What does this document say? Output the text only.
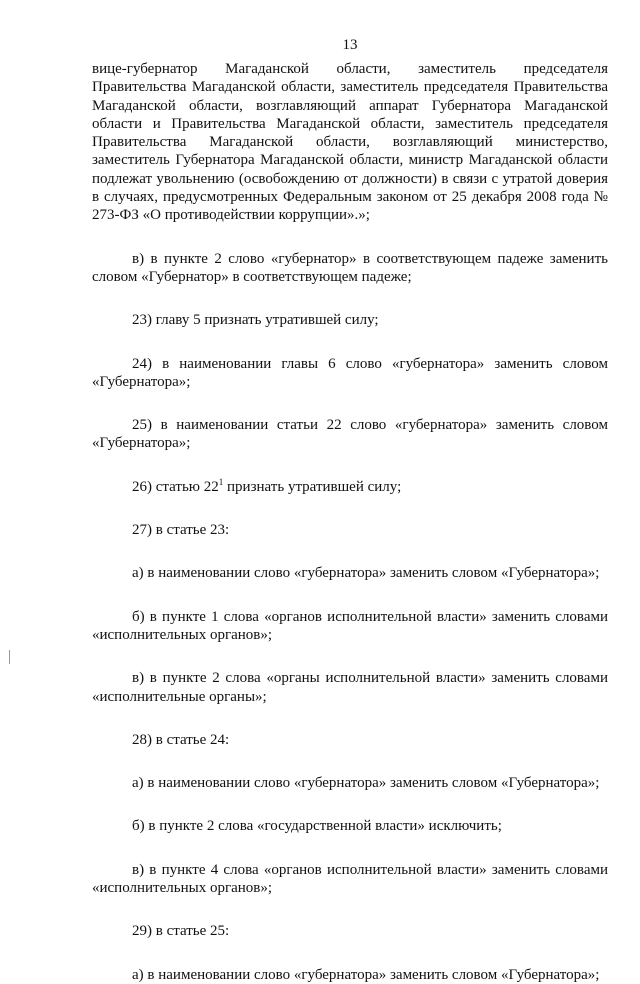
13

вице-губернатор Магаданской области, заместитель председателя Правительства Магаданской области, заместитель председателя Правительства Магаданской области, возглавляющий аппарат Губернатора Магаданской области и Правительства Магаданской области, заместитель председателя Правительства Магаданской области, возглавляющий министерство, заместитель Губернатора Магаданской области, министр Магаданской области подлежат увольнению (освобождению от должности) в связи с утратой доверия в случаях, предусмотренных Федеральным законом от 25 декабря 2008 года № 273-ФЗ «О противодействии коррупции».»;

в) в пункте 2 слово «губернатор» в соответствующем падеже заменить словом «Губернатор» в соответствующем падеже;

23) главу 5 признать утратившей силу;

24) в наименовании главы 6 слово «губернатора» заменить словом «Губернатора»;

25) в наименовании статьи 22 слово «губернатора» заменить словом «Губернатора»;

26) статью $22^1$ признать утратившей силу;

27) в статье 23:

а) в наименовании слово «губернатора» заменить словом «Губернатора»;

б) в пункте 1 слова «органов исполнительной власти» заменить словами «исполнительных органов»;

в) в пункте 2 слова «органы исполнительной власти» заменить словами «исполнительные органы»;

28) в статье 24:

а) в наименовании слово «губернатора» заменить словом «Губернатора»;

б) в пункте 2 слова «государственной власти» исключить;

в) в пункте 4 слова «органов исполнительной власти» заменить словами «исполнительных органов»;

29) в статье 25:

а) в наименовании слово «губернатора» заменить словом «Губернатора»;
